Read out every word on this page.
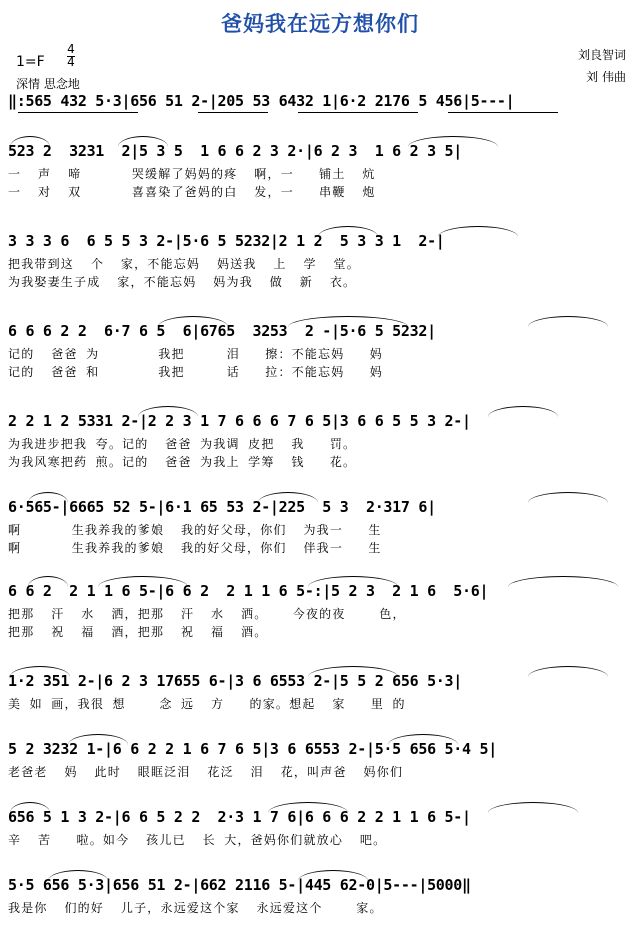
爸妈我在远方想你们
1=F
4
4
深情 思念地
刘良智词
刘 伟曲
‖:565 432 5·3|656 51 2-|205 53 6432 1|6·2 2176 5 456|5---|
523 2  3231  2|5 3 5  1 6 6 2 3 2·|6 2 3  1 6 2 3 5|
一  声  啼      哭缓解了妈妈的疼  啊，一   铺土  炕
一  对  双      喜喜染了爸妈的白  发，一   串鞭  炮
3 3 3 6  6 5 5 3 2-|5·6 5 5232|2 1 2  5 3 3 1  2-|
把我带到这  个  家，不能忘妈  妈送我  上  学  堂。
为我娶妻生子成  家，不能忘妈  妈为我  做  新  衣。
6 6 6 2 2  6·7 6 5  6|6765  3253  2 -|5·6 5 5232|
记的  爸爸 为       我把     泪   擦：不能忘妈   妈
记的  爸爸 和       我把     话   拉：不能忘妈   妈
2 2 1 2 5331 2-|2 2 3 1 7 6 6 6 7 6 5|3 6 6 5 5 3 2-|
为我进步把我 夸。记的  爸爸 为我调 皮把  我   罚。
为我风寒把药 煎。记的  爸爸 为我上 学筹  钱   花。
6·565-|6665 52 5-|6·1 65 53 2-|225  5 3  2·317 6|
啊      生我养我的爹娘  我的好父母，你们  为我一   生
啊      生我养我的爹娘  我的好父母，你们  伴我一   生
6 6 2  2 1 1 6 5-|6 6 2  2 1 1 6 5-:|5 2 3  2 1 6  5·6|
把那  汗  水  洒，把那  汗  水  洒。   今夜的夜    色，
把那  祝  福  酒，把那  祝  福  酒。
1·2 351 2-|6 2 3 17655 6-|3 6 6553 2-|5 5 2 656 5·3|
美 如 画，我很 想    念 远  方   的家。想起  家   里 的
5 2 3232 1-|6 6 2 2 1 6 7 6 5|3 6 6553 2-|5·5 656 5·4 5|
老爸老  妈  此时  眼眶泛泪  花泛  泪  花，叫声爸  妈你们
656 5 1 3 2-|6 6 5 2 2  2·3 1 7 6|6 6 6 2 2 1 1 6 5-|
辛  苦   啦。如今  孩儿已  长 大，爸妈你们就放心  吧。
5·5 656 5·3|656 51 2-|662 2116 5-|445 62-0|5---|5000‖
我是你  们的好  儿子，永远爱这个家  永远爱这个    家。
